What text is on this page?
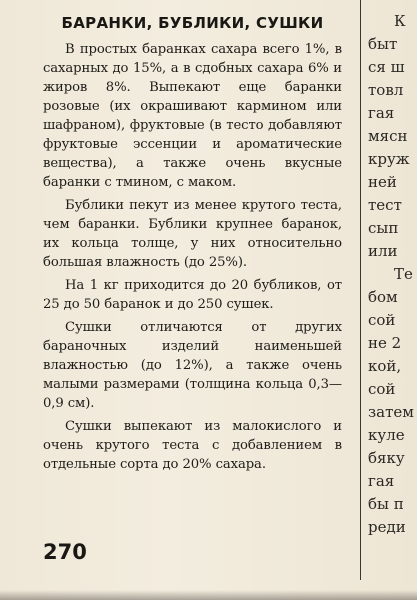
БАРАНКИ, БУБЛИКИ, СУШКИ

В простых баранках сахара всего 1%, в сахарных до 15%, а в сдобных сахара 6% и жиров 8%. Выпекают еще баранки розовые (их окрашивают кармином или шафраном), фруктовые (в тесто добавляют фруктовые эссенции и ароматические вещества), а также очень вкусные баранки с тмином, с маком.

Бублики пекут из менее крутого теста, чем баранки. Бублики крупнее баранок, их кольца толще, у них относительно большая влажность (до 25%).

На 1 кг приходится до 20 бубликов, от 25 до 50 баранок и до 250 сушек.

Сушки отличаются от других бараночных изделий наименьшей влажностью (до 12%), а также очень малыми размерами (толщина кольца 0,3—0,9 см).

Сушки выпекают из малокислого и очень крутого теста с добавлением в отдельные сорта до 20% сахара.

270
К
быт
ся ш
товл
гая
мясн
круж
ней
тест
сып
или
Те
бом
сой
не 2
кой,
сой
затем
куле
бяку
гая
бы п
реди
